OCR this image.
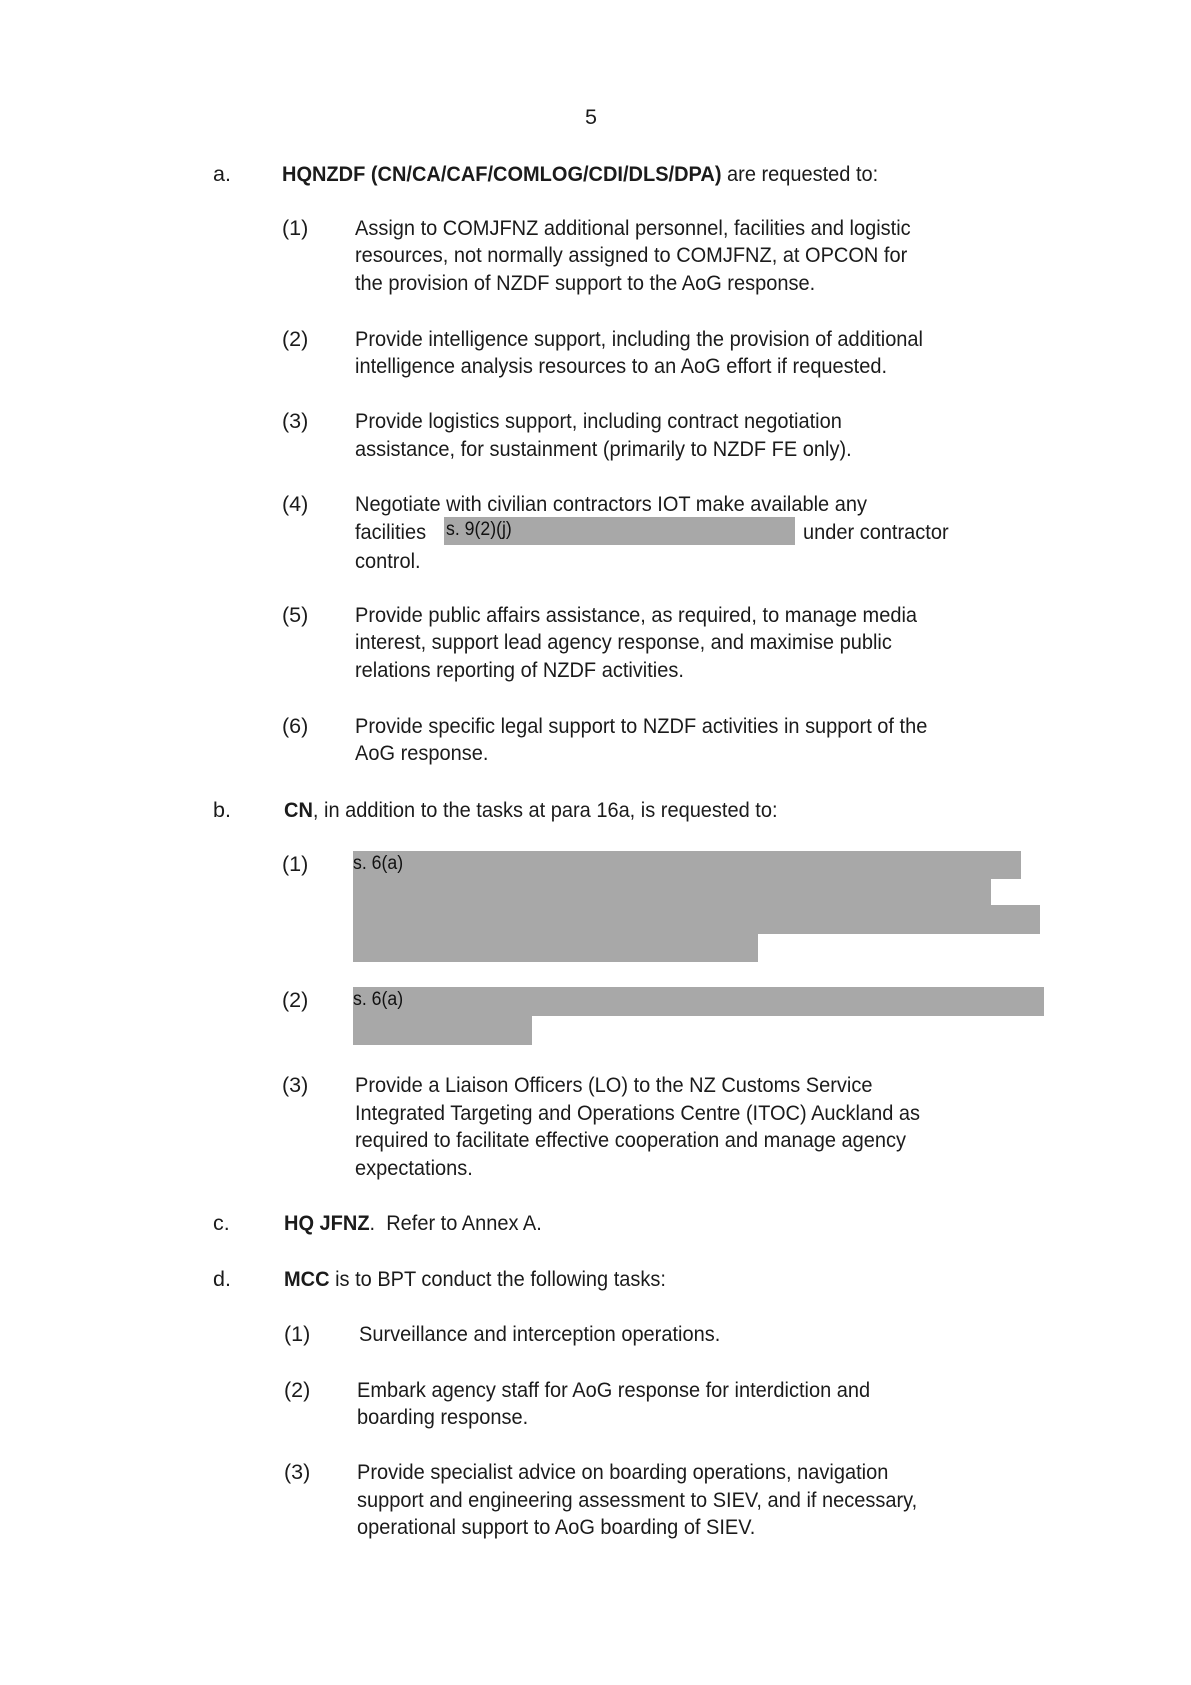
5
a. HQNZDF (CN/CA/CAF/COMLOG/CDI/DLS/DPA) are requested to:
(1) Assign to COMJFNZ additional personnel, facilities and logistic
resources, not normally assigned to COMJFNZ, at OPCON for
the provision of NZDF support to the AoG response.
(2) Provide intelligence support, including the provision of additional
intelligence analysis resources to an AoG effort if requested.
(3) Provide logistics support, including contract negotiation
assistance, for sustainment (primarily to NZDF FE only).
(4) Negotiate with civilian contractors IOT make available any
facilities s. 9(2)(j)	under contractor
control.
(5) Provide public affairs assistance, as required, to manage media
interest, support lead agency response, and maximise public
relations reporting of NZDF activities.
(6) Provide specific legal support to NZDF activities in support of the
AoG response.
b. CN, in addition to the tasks at para 16a, is requested to:
(1) s. 6(a)
(2) s. 6(a)
(3) Provide a Liaison Officers (LO) to the NZ Customs Service
Integrated Targeting and Operations Centre (ITOC) Auckland as
required to facilitate effective cooperation and manage agency
expectations.
c.	HQ JFNZ.  Refer to Annex A.
d. MCC is to BPT conduct the following tasks:
(1) Surveillance and interception operations.
(2) Embark agency staff for AoG response for interdiction and
boarding response.
(3) Provide specialist advice on boarding operations, navigation
support and engineering assessment to SIEV, and if necessary,
operational support to AoG boarding of SIEV.
